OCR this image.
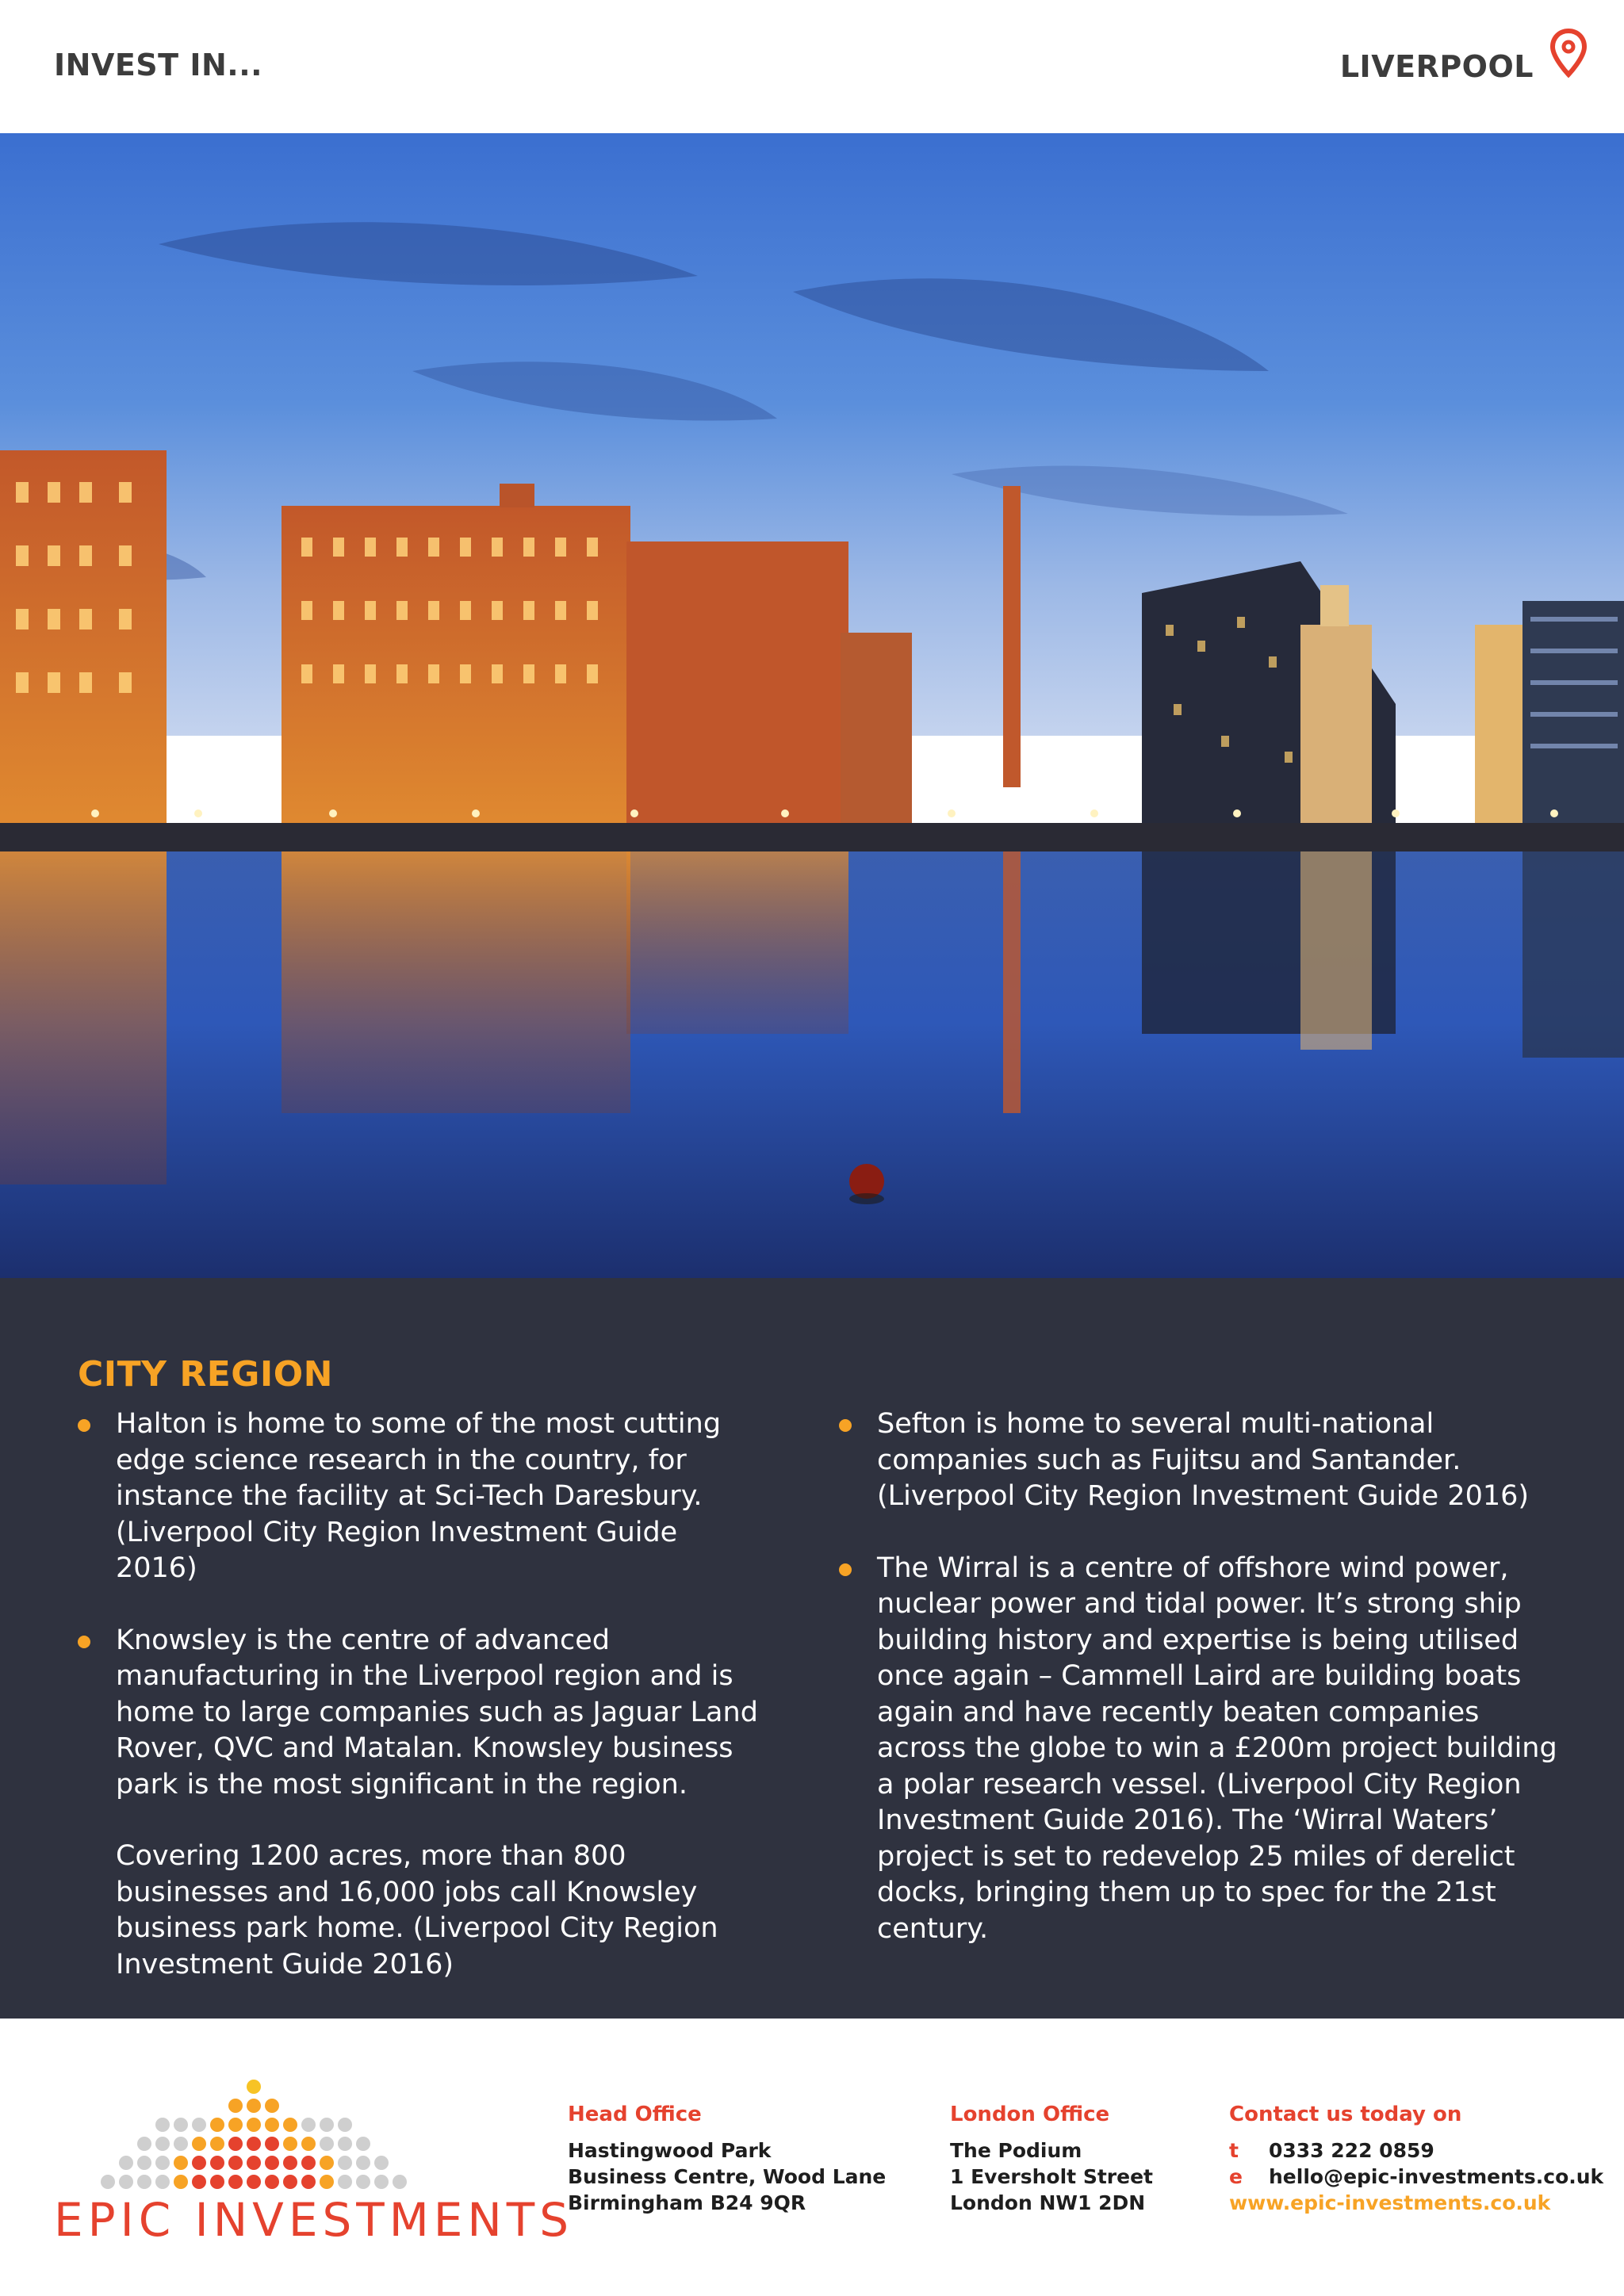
INVEST IN...	LIVERPOOL
CITY REGION

Halton is home to some of the most cutting edge science research in the country, for instance the facility at Sci-Tech Daresbury. (Liverpool City Region Investment Guide 2016)

Knowsley is the centre of advanced manufacturing in the Liverpool region and is home to large companies such as Jaguar Land Rover, QVC and Matalan. Knowsley business park is the most significant in the region.

Covering 1200 acres, more than 800 businesses and 16,000 jobs call Knowsley business park home. (Liverpool City Region Investment Guide 2016)

Sefton is home to several multi-national companies such as Fujitsu and Santander. (Liverpool City Region Investment Guide 2016)

The Wirral is a centre of offshore wind power, nuclear power and tidal power. It’s strong ship building history and expertise is being utilised once again – Cammell Laird are building boats again and have recently beaten companies across the globe to win a £200m project building a polar research vessel. (Liverpool City Region Investment Guide 2016). The ‘Wirral Waters’ project is set to redevelop 25 miles of derelict docks, bringing them up to spec for the 21st century.

EPIC INVESTMENTS
Head Office
Hastingwood Park
Business Centre, Wood Lane
Birmingham B24 9QR
London Office
The Podium
1 Eversholt Street
London NW1 2DN
Contact us today on
t 0333 222 0859
e hello@epic-investments.co.uk
www.epic-investments.co.uk
